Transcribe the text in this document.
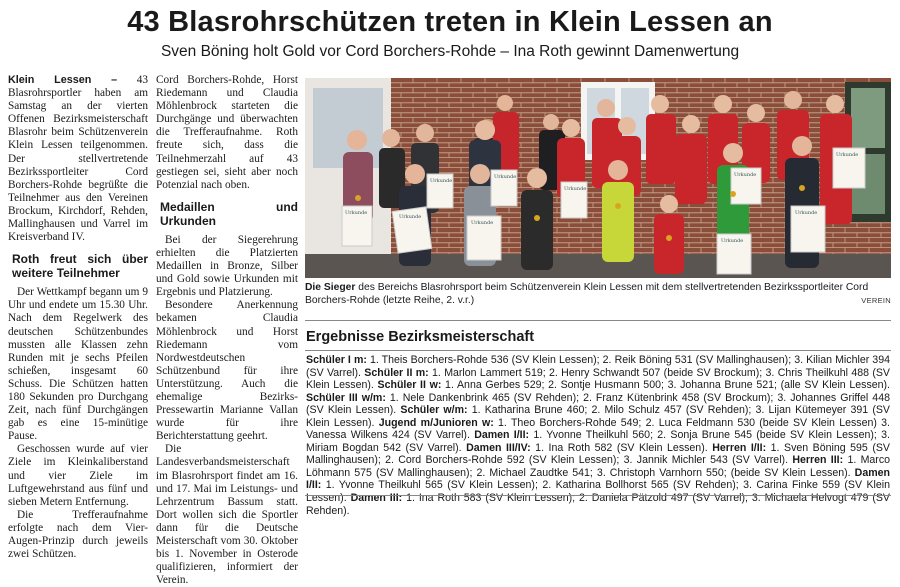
43 Blasrohrschützen treten in Klein Lessen an
Sven Böning holt Gold vor Cord Borchers-Rohde – Ina Roth gewinnt Damenwertung

Klein Lessen – 43 Blasrohrsportler haben am Samstag an der vierten Offenen Bezirksmeisterschaft Blasrohr beim Schützenverein Klein Lessen teilgenommen. Der stellvertretende Bezirkssportleiter Cord Borchers-Rohde begrüßte die Teilnehmer aus den Vereinen Brockum, Kirchdorf, Rehden, Mallinghausen und Varrel im Kreisverband IV.

Roth freut sich über weitere Teilnehmer

Der Wettkampf begann um 9 Uhr und endete um 15.30 Uhr. Nach dem Regelwerk des deutschen Schützenbundes mussten alle Klassen zehn Runden mit je sechs Pfeilen schießen, insgesamt 60 Schuss. Die Schützen hatten 180 Sekunden pro Durchgang Zeit, nach fünf Durchgängen gab es eine 15-minütige Pause.

Geschossen wurde auf vier Ziele im Kleinkaliberstand und vier Ziele im Luftgewehrstand aus fünf und sieben Metern Entfernung.

Die Trefferaufnahme erfolgte nach dem Vier-Augen-Prinzip durch jeweils zwei Schützen.

Cord Borchers-Rohde, Horst Riedemann und Claudia Möhlenbrock starteten die Durchgänge und überwachten die Trefferaufnahme. Roth freute sich, dass die Teilnehmerzahl auf 43 gestiegen sei, sieht aber noch Potenzial nach oben.

Medaillen und Urkunden

Bei der Siegerehrung erhielten die Platzierten Medaillen in Bronze, Silber und Gold sowie Urkunden mit Ergebnis und Platzierung.

Besondere Anerkennung bekamen Claudia Möhlenbrock und Horst Riedemann vom Nordwestdeutschen Schützenbund für ihre Unterstützung. Auch die ehemalige Bezirks-Pressewartin Marianne Vallan wurde für ihre Berichterstattung geehrt.

Die Landesverbandsmeisterschaft im Blasrohrsport findet am 16. und 17. Mai im Leistungs- und Lehrzentrum Bassum statt. Dort wollen sich die Sportler dann für die Deutsche Meisterschaft vom 30. Oktober bis 1. November in Osterode qualifizieren, informiert der Verein.

Urkunde
Urkunde
Urkunde
Urkunde
Urkunde
Urkunde
Urkunde
Urkunde
Urkunde
Urkunde
Die Sieger des Bereichs Blasrohrsport beim Schützenverein Klein Lessen mit dem stellvertretenden Bezirkssportleiter Cord Borchers-Rohde (letzte Reihe, 2. v.r.)	VEREIN
Ergebnisse Bezirksmeisterschaft

Schüler I m: 1. Theis Borchers-Rohde 536 (SV Klein Lessen); 2. Reik Böning 531 (SV Mallinghausen); 3. Kilian Michler 394 (SV Varrel). Schüler II m: 1. Marlon Lammert 519; 2. Henry Schwandt 507 (beide SV Brockum); 3. Chris Theilkuhl 488 (SV Klein Lessen). Schüler II w: 1. Anna Gerbes 529; 2. Sontje Husmann 500; 3. Johanna Brune 521; (alle SV Klein Lessen). Schüler III w/m: 1. Nele Dankenbrink 465 (SV Rehden); 2. Franz Kütenbrink 458 (SV Brockum); 3. Johannes Griffel 448 (SV Klein Lessen). Schüler w/m: 1. Katharina Brune 460; 2. Milo Schulz 457 (SV Rehden); 3. Lijan Kütemeyer 391 (SV Klein Lessen). Jugend m/Junioren w: 1. Theo Borchers-Rohde 549; 2. Luca Feldmann 530 (beide SV Klein Lessen) 3. Vanessa Wilkens 424 (SV Varrel). Damen I/II: 1. Yvonne Theilkuhl 560; 2. Sonja Brune 545 (beide SV Klein Lessen); 3. Miriam Bogdan 542 (SV Varrel). Damen III/IV: 1. Ina Roth 582 (SV Klein Lessen). Herren I/II: 1. Sven Böning 595 (SV Mallinghausen); 2. Cord Borchers-Rohde 592 (SV Klein Lessen); 3. Jannik Michler 543 (SV Varrel). Herren III: 1. Marco Löhmann 575 (SV Mallinghausen); 2. Michael Zaudtke 541; 3. Christoph Varnhorn 550; (beide SV Klein Lessen). Damen I/II: 1. Yvonne Theilkuhl 565 (SV Klein Lessen); 2. Katharina Bollhorst 565 (SV Rehden); 3. Carina Finke 559 (SV Klein Lessen). Damen III: 1. Ina Roth 583 (SV Klein Lessen); 2. Daniela Pätzold 497 (SV Varrel); 3. Michaela Helvogt 479 (SV Rehden).
